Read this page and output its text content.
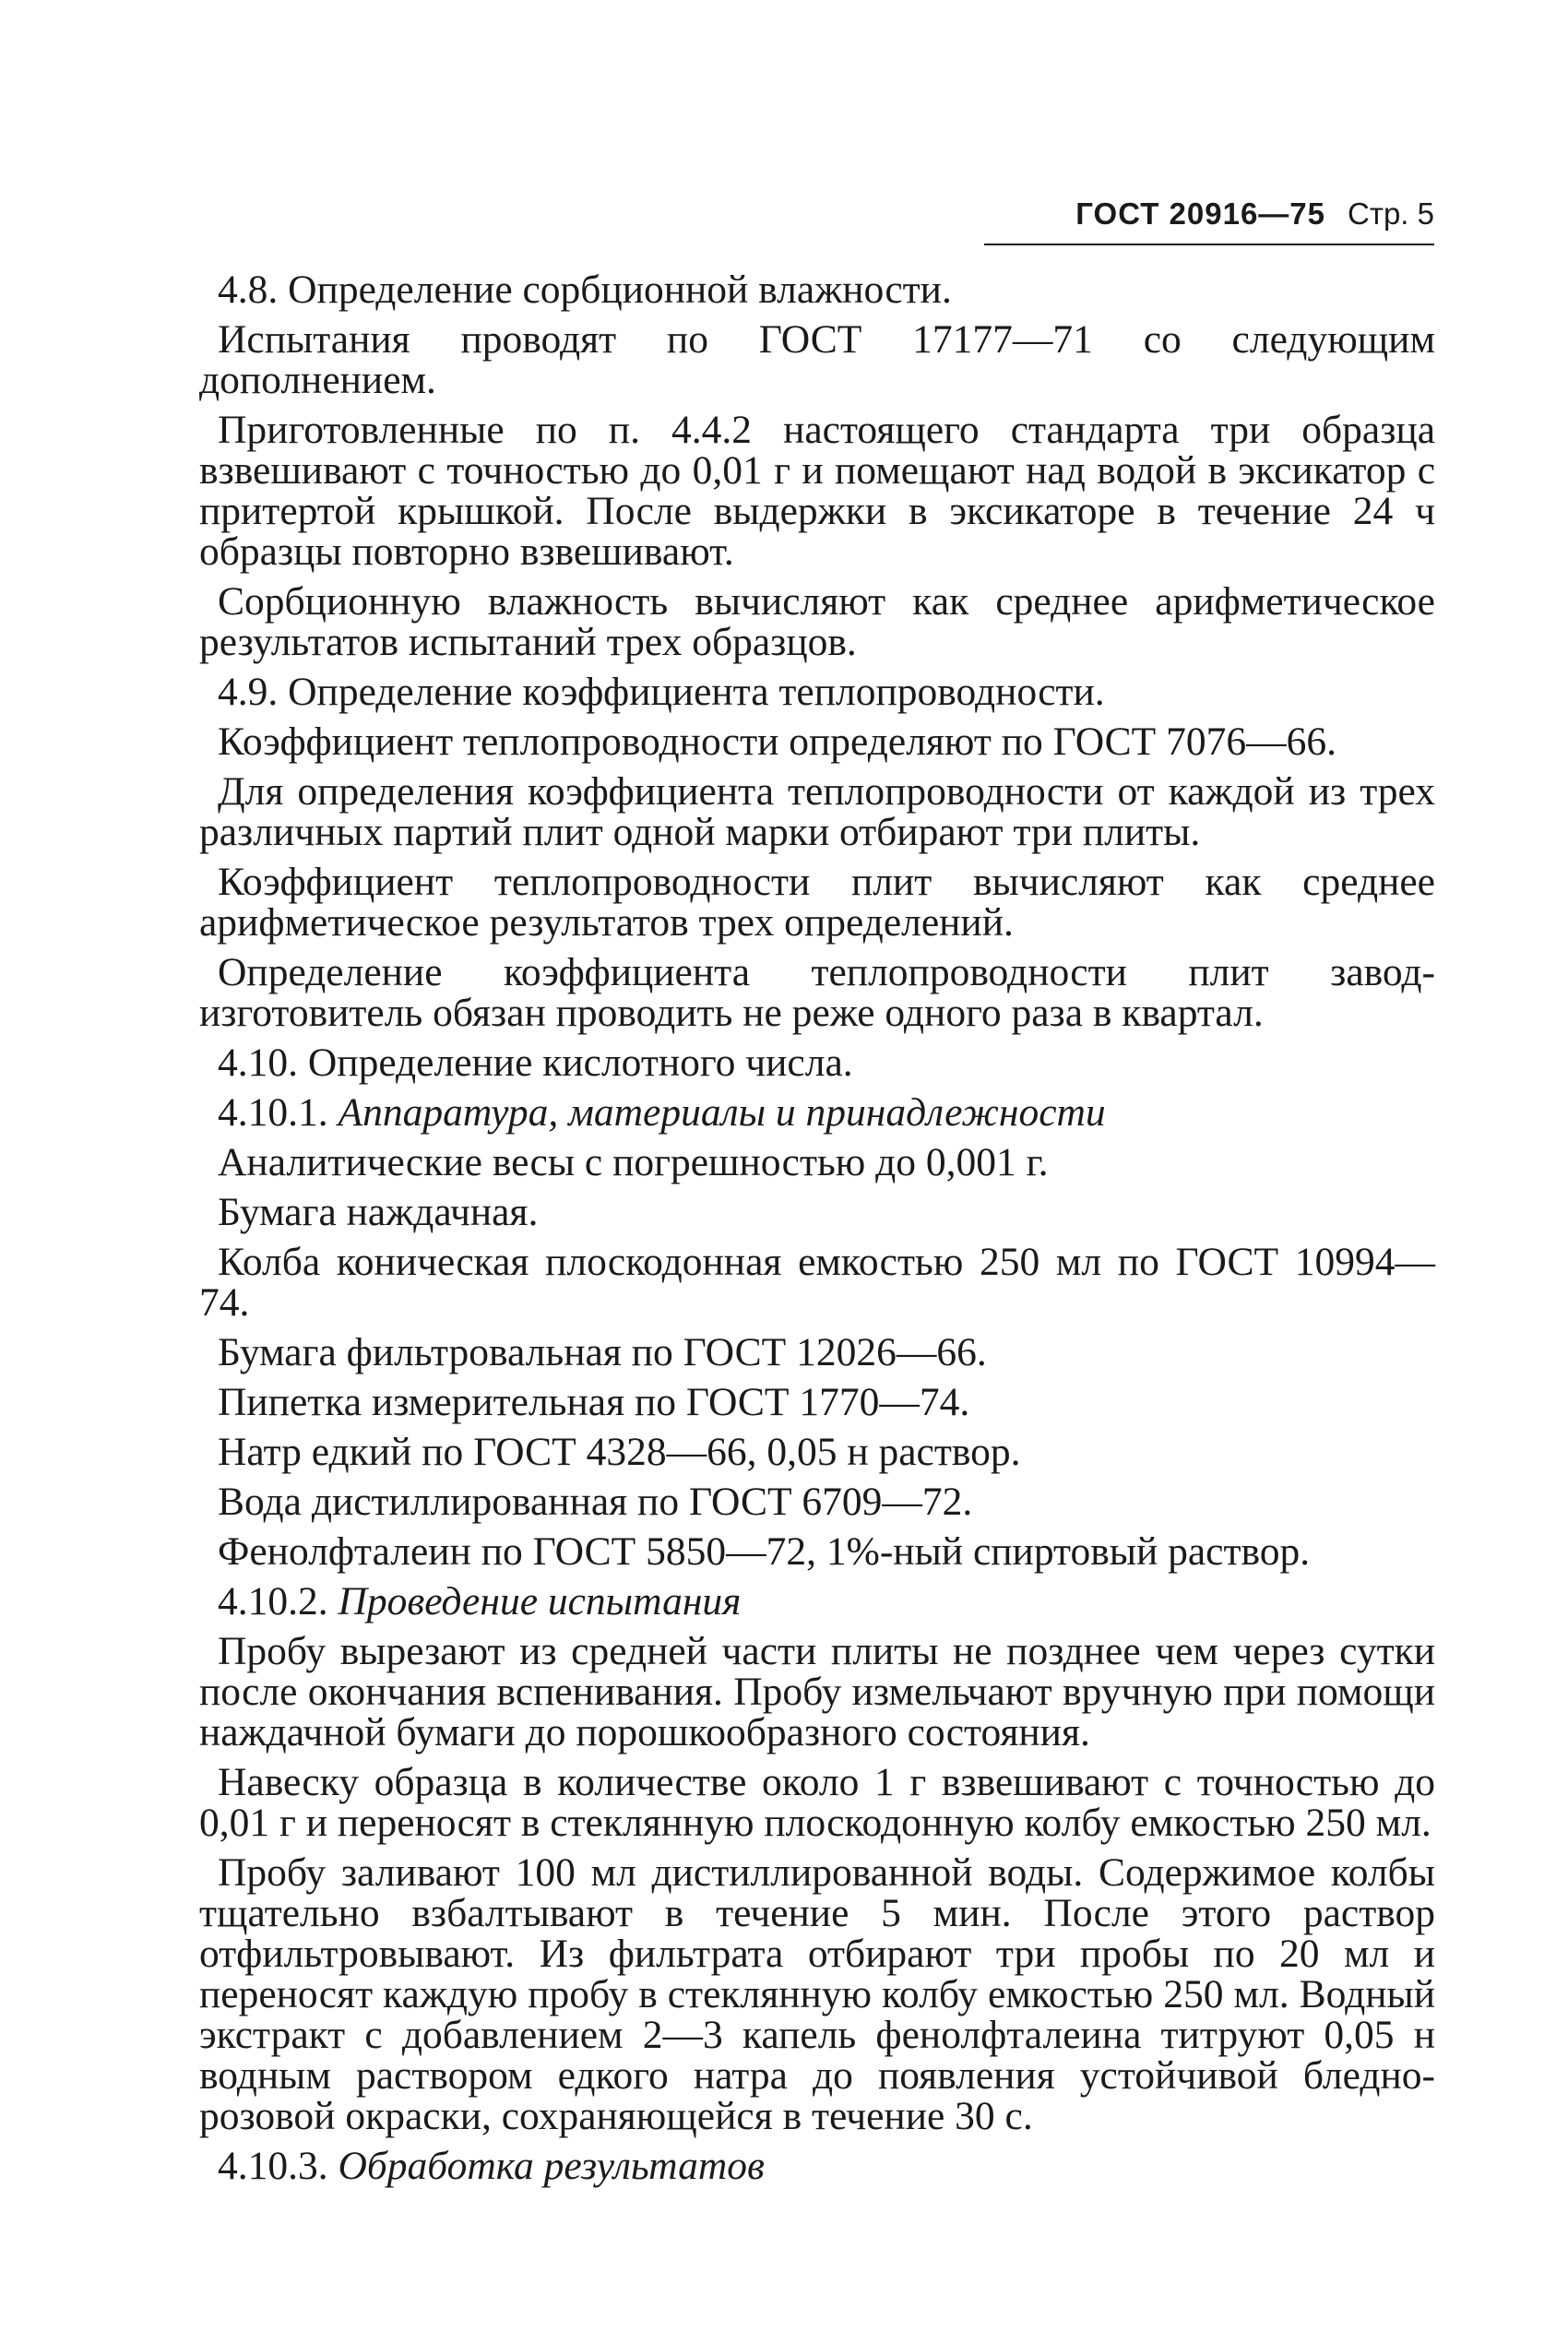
ГОСТ 20916—75 Стр. 5

4.8. Определение сорбционной влажности.

Испытания проводят по ГОСТ 17177—71 со следующим дополнением.

Приготовленные по п. 4.4.2 настоящего стандарта три образца взвешивают с точностью до 0,01 г и помещают над водой в эксикатор с притертой крышкой. После выдержки в эксикаторе в течение 24 ч образцы повторно взвешивают.

Сорбционную влажность вычисляют как среднее арифметическое результатов испытаний трех образцов.

4.9. Определение коэффициента теплопроводности.

Коэффициент теплопроводности определяют по ГОСТ 7076—66.

Для определения коэффициента теплопроводности от каждой из трех различных партий плит одной марки отбирают три плиты.

Коэффициент теплопроводности плит вычисляют как среднее арифметическое результатов трех определений.

Определение коэффициента теплопроводности плит завод-изготовитель обязан проводить не реже одного раза в квартал.

4.10. Определение кислотного числа.

4.10.1. Аппаратура, материалы и принадлежности

Аналитические весы с погрешностью до 0,001 г.

Бумага наждачная.

Колба коническая плоскодонная емкостью 250 мл по ГОСТ 10994—74.

Бумага фильтровальная по ГОСТ 12026—66.

Пипетка измерительная по ГОСТ 1770—74.

Натр едкий по ГОСТ 4328—66, 0,05 н раствор.

Вода дистиллированная по ГОСТ 6709—72.

Фенолфталеин по ГОСТ 5850—72, 1%-ный спиртовый раствор.

4.10.2. Проведение испытания

Пробу вырезают из средней части плиты не позднее чем через сутки после окончания вспенивания. Пробу измельчают вручную при помощи наждачной бумаги до порошкообразного состояния.

Навеску образца в количестве около 1 г взвешивают с точностью до 0,01 г и переносят в стеклянную плоскодонную колбу емкостью 250 мл.

Пробу заливают 100 мл дистиллированной воды. Содержимое колбы тщательно взбалтывают в течение 5 мин. После этого раствор отфильтровывают. Из фильтрата отбирают три пробы по 20 мл и переносят каждую пробу в стеклянную колбу емкостью 250 мл. Водный экстракт с добавлением 2—3 капель фенолфталеина титруют 0,05 н водным раствором едкого натра до появления устойчивой бледно-розовой окраски, сохраняющейся в течение 30 с.

4.10.3. Обработка результатов
